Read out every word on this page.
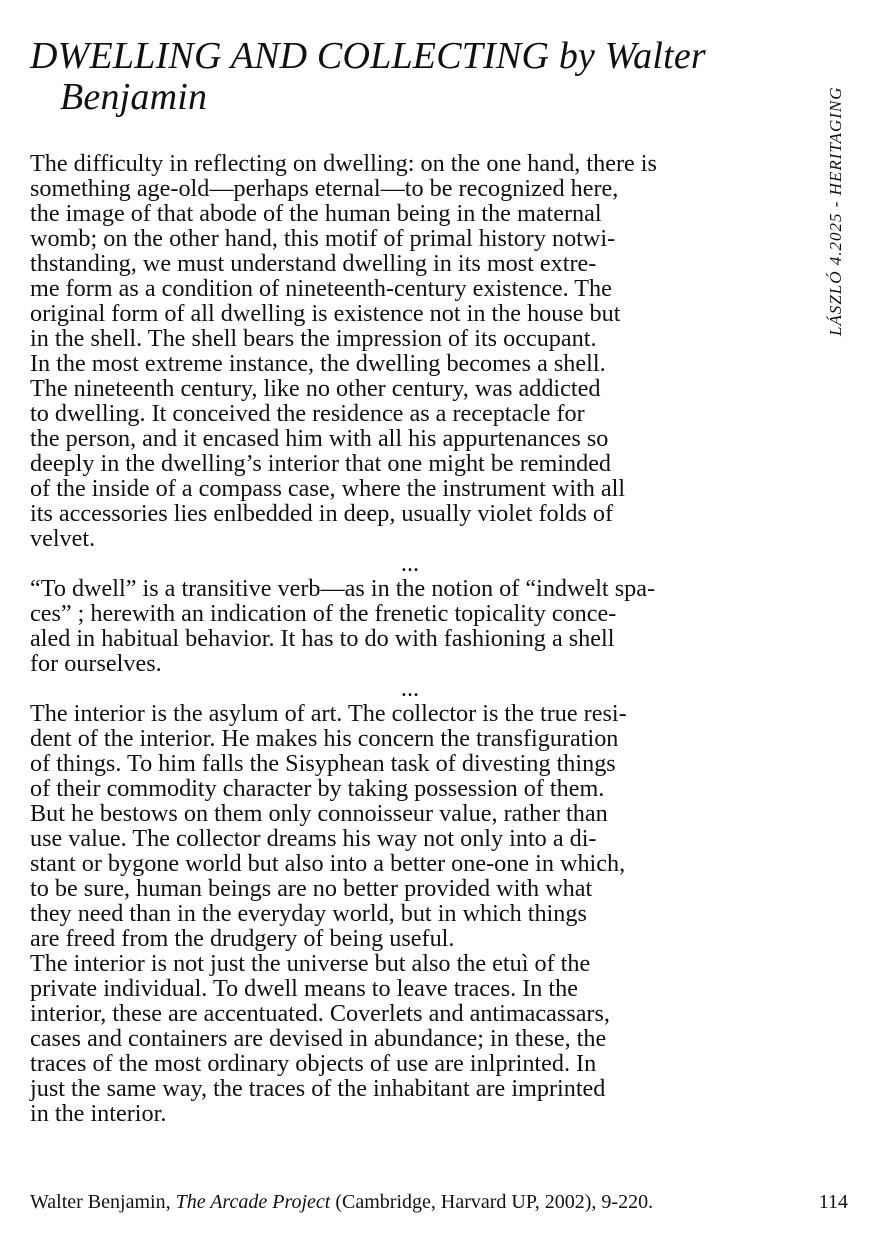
DWELLING AND COLLECTING by Walter Benjamin	LÁSZLÓ 4.2025 - HERITAGING
The difficulty in reflecting on dwelling: on the one hand, there is
something age-old—perhaps eternal—to be recognized here,
the image of that abode of the human being in the maternal
womb; on the other hand, this motif of primal history notwi-
thstanding, we must understand dwelling in its most extre-
me form as a condition of nineteenth-century existence. The
original form of all dwelling is existence not in the house but
in the shell. The shell bears the impression of its occupant.
In the most extreme instance, the dwelling becomes a shell.
The nineteenth century, like no other century, was addicted
to dwelling. It conceived the residence as a receptacle for
the person, and it encased him with all his appurtenances so
deeply in the dwelling’s interior that one might be reminded
of the inside of a compass case, where the instrument with all
its accessories lies enlbedded in deep, usually violet folds of
velvet.
...
“To dwell” is a transitive verb—as in the notion of “indwelt spa-
ces” ; herewith an indication of the frenetic topicality conce-
aled in habitual behavior. It has to do with fashioning a shell
for ourselves.
...
The interior is the asylum of art. The collector is the true resi-
dent of the interior. He makes his concern the transfiguration
of things. To him falls the Sisyphean task of divesting things
of their commodity character by taking possession of them.
But he bestows on them only connoisseur value, rather than
use value. The collector dreams his way not only into a di-
stant or bygone world but also into a better one-one in which,
to be sure, human beings are no better provided with what
they need than in the everyday world, but in which things
are freed from the drudgery of being useful.
The interior is not just the universe but also the etuì of the
private individual. To dwell means to leave traces. In the
interior, these are accentuated. Coverlets and antimacassars,
cases and containers are devised in abundance; in these, the
traces of the most ordinary objects of use are inlprinted. In
just the same way, the traces of the inhabitant are imprinted
in the interior.
Walter Benjamin, The Arcade Project (Cambridge, Harvard UP, 2002), 9-220.	114
